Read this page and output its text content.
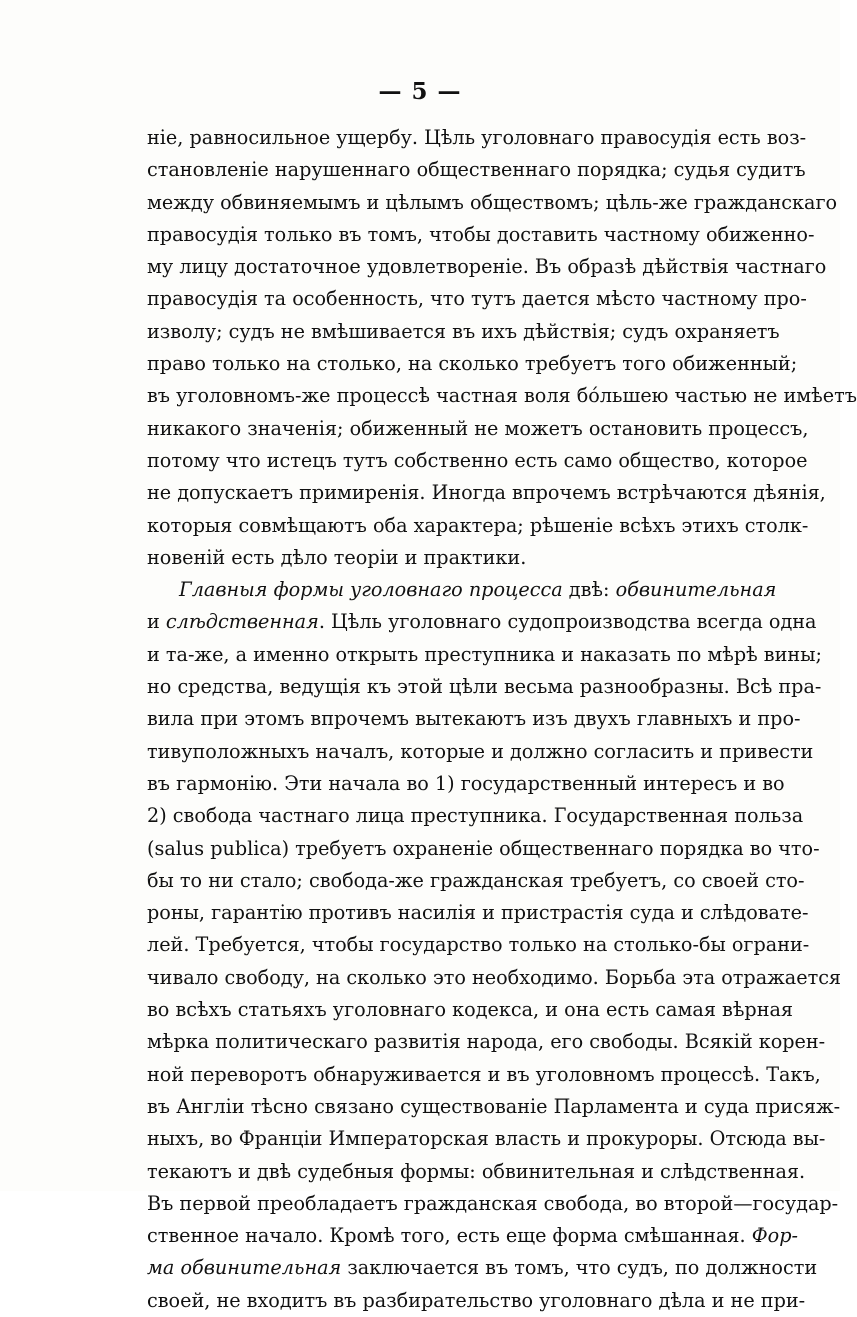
— 5 —
ніе, равносильное ущербу. Цѣль уголовнаго правосудія есть воз-
становленіе нарушеннаго общественнаго порядка; судья судитъ
между обвиняемымъ и цѣлымъ обществомъ; цѣль-же гражданскаго
правосудія только въ томъ, чтобы доставить частному обиженно-
му лицу достаточное удовлетвореніе. Въ образѣ дѣйствія частнаго
правосудія та особенность, что тутъ дается мѣсто частному про-
изволу; судъ не вмѣшивается въ ихъ дѣйствія; судъ охраняетъ
право только на столько, на сколько требуетъ того обиженный;
въ уголовномъ-же процессѣ частная воля бо́льшею частью не имѣетъ
никакого значенія; обиженный не можетъ остановить процессъ,
потому что истецъ тутъ собственно есть само общество, которое
не допускаетъ примиренія. Иногда впрочемъ встрѣчаются дѣянія,
которыя совмѣщаютъ оба характера; рѣшеніе всѣхъ этихъ столк-
новеній есть дѣло теоріи и практики.
Главныя формы уголовнаго процесса двѣ: обвинительная
и слѣдственная. Цѣль уголовнаго судопроизводства всегда одна
и та-же, а именно открыть преступника и наказать по мѣрѣ вины;
но средства, ведущія къ этой цѣли весьма разнообразны. Всѣ пра-
вила при этомъ впрочемъ вытекаютъ изъ двухъ главныхъ и про-
тивуположныхъ началъ, которые и должно согласить и привести
въ гармонію. Эти начала во 1) государственный интересъ и во
2) свобода частнаго лица преступника. Государственная польза
(salus publica) требуетъ охраненіе общественнаго порядка во что-
бы то ни стало; свобода-же гражданская требуетъ, со своей сто-
роны, гарантію противъ насилія и пристрастія суда и слѣдовате-
лей. Требуется, чтобы государство только на столько-бы ограни-
чивало свободу, на сколько это необходимо. Борьба эта отражается
во всѣхъ статьяхъ уголовнаго кодекса, и она есть самая вѣрная
мѣрка политическаго развитія народа, его свободы. Всякій корен-
ной переворотъ обнаруживается и въ уголовномъ процессѣ. Такъ,
въ Англіи тѣсно связано существованіе Парламента и суда присяж-
ныхъ, во Франціи Императорская власть и прокуроры. Отсюда вы-
текаютъ и двѣ судебныя формы: обвинительная и слѣдственная.
Въ первой преобладаетъ гражданская свобода, во второй—государ-
ственное начало. Кромѣ того, есть еще форма смѣшанная. Фор-
ма обвинительная заключается въ томъ, что судъ, по должности
своей, не входитъ въ разбирательство уголовнаго дѣла и не при-
